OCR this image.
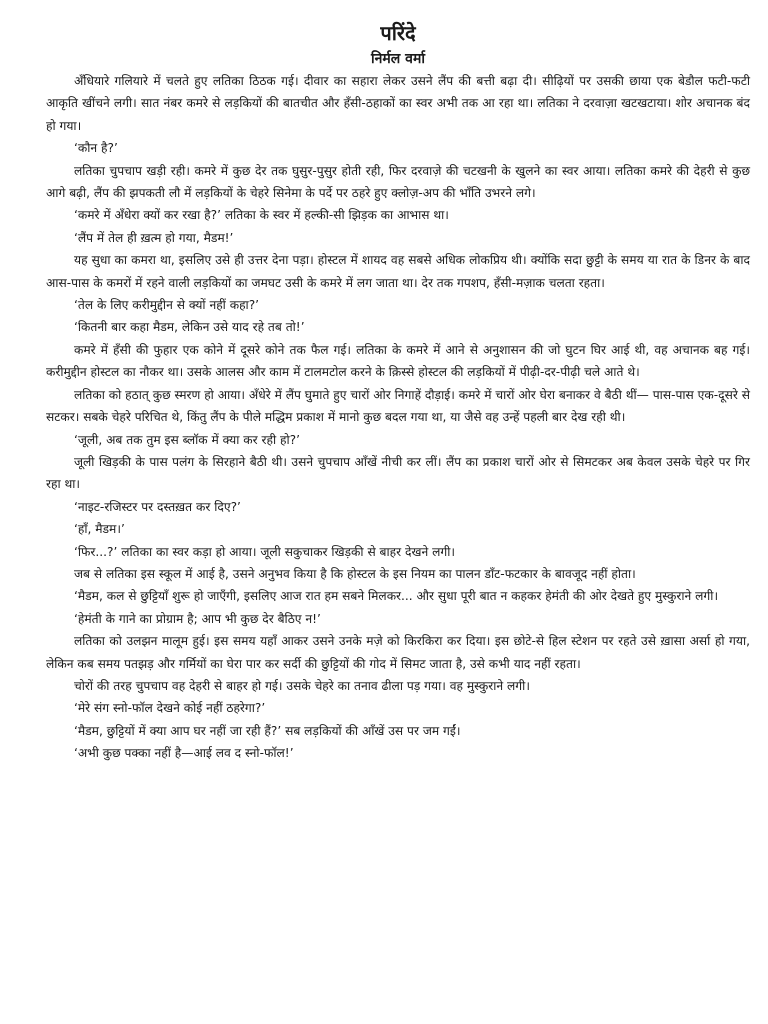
परिंदे
निर्मल वर्मा

अँधियारे गलियारे में चलते हुए लतिका ठिठक गई। दीवार का सहारा लेकर उसने लैंप की बत्ती बढ़ा दी। सीढ़ियों पर उसकी छाया एक बेडौल फटी-फटी आकृति खींचने लगी। सात नंबर कमरे से लड़कियों की बातचीत और हँसी-ठहाकों का स्वर अभी तक आ रहा था। लतिका ने दरवाज़ा खटखटाया। शोर अचानक बंद हो गया।

‘कौन है?’

लतिका चुपचाप खड़ी रही। कमरे में कुछ देर तक घुसुर-पुसुर होती रही, फिर दरवाज़े की चटखनी के खुलने का स्वर आया। लतिका कमरे की देहरी से कुछ आगे बढ़ी, लैंप की झपकती लौ में लड़कियों के चेहरे सिनेमा के पर्दे पर ठहरे हुए क्लोज़-अप की भाँति उभरने लगे।

‘कमरे में अँधेरा क्यों कर रखा है?’ लतिका के स्वर में हल्की-सी झिड़क का आभास था।

‘लैंप में तेल ही ख़त्म हो गया, मैडम!’

यह सुधा का कमरा था, इसलिए उसे ही उत्तर देना पड़ा। होस्टल में शायद वह सबसे अधिक लोकप्रिय थी। क्योंकि सदा छुट्टी के समय या रात के डिनर के बाद आस-पास के कमरों में रहने वाली लड़कियों का जमघट उसी के कमरे में लग जाता था। देर तक गपशप, हँसी-मज़ाक चलता रहता।

‘तेल के लिए करीमुद्दीन से क्यों नहीं कहा?’

‘कितनी बार कहा मैडम, लेकिन उसे याद रहे तब तो!’

कमरे में हँसी की फुहार एक कोने में दूसरे कोने तक फैल गई। लतिका के कमरे में आने से अनुशासन की जो घुटन घिर आई थी, वह अचानक बह गई। करीमुद्दीन होस्टल का नौकर था। उसके आलस और काम में टालमटोल करने के क़िस्से होस्टल की लड़कियों में पीढ़ी-दर-पीढ़ी चले आते थे।

लतिका को हठात् कुछ स्मरण हो आया। अँधेरे में लैंप घुमाते हुए चारों ओर निगाहें दौड़ाई। कमरे में चारों ओर घेरा बनाकर वे बैठी थीं— पास-पास एक-दूसरे से सटकर। सबके चेहरे परिचित थे, किंतु लैंप के पीले मद्धिम प्रकाश में मानो कुछ बदल गया था, या जैसे वह उन्हें पहली बार देख रही थी।

‘जूली, अब तक तुम इस ब्लॉक में क्या कर रही हो?’

जूली खिड़की के पास पलंग के सिरहाने बैठी थी। उसने चुपचाप आँखें नीची कर लीं। लैंप का प्रकाश चारों ओर से सिमटकर अब केवल उसके चेहरे पर गिर रहा था।

‘नाइट-रजिस्टर पर दस्तख़त कर दिए?’

‘हाँ, मैडम।’

‘फिर...?’ लतिका का स्वर कड़ा हो आया। जूली सकुचाकर खिड़की से बाहर देखने लगी।

जब से लतिका इस स्कूल में आई है, उसने अनुभव किया है कि होस्टल के इस नियम का पालन डाँट-फटकार के बावजूद नहीं होता।

‘मैडम, कल से छुट्टियाँ शुरू हो जाएँगी, इसलिए आज रात हम सबने मिलकर... और सुधा पूरी बात न कहकर हेमंती की ओर देखते हुए मुस्कुराने लगी।

‘हेमंती के गाने का प्रोग्राम है; आप भी कुछ देर बैठिए न!’

लतिका को उलझन मालूम हुई। इस समय यहाँ आकर उसने उनके मज़े को किरकिरा कर दिया। इस छोटे-से हिल स्टेशन पर रहते उसे ख़ासा अर्सा हो गया, लेकिन कब समय पतझड़ और गर्मियों का घेरा पार कर सर्दी की छुट्टियों की गोद में सिमट जाता है, उसे कभी याद नहीं रहता।

चोरों की तरह चुपचाप वह देहरी से बाहर हो गई। उसके चेहरे का तनाव ढीला पड़ गया। वह मुस्कुराने लगी।

‘मेरे संग स्नो-फॉल देखने कोई नहीं ठहरेगा?’

‘मैडम, छुट्टियों में क्या आप घर नहीं जा रही हैं?’ सब लड़कियों की आँखें उस पर जम गईं।

‘अभी कुछ पक्का नहीं है—आई लव द स्नो-फॉल!’
